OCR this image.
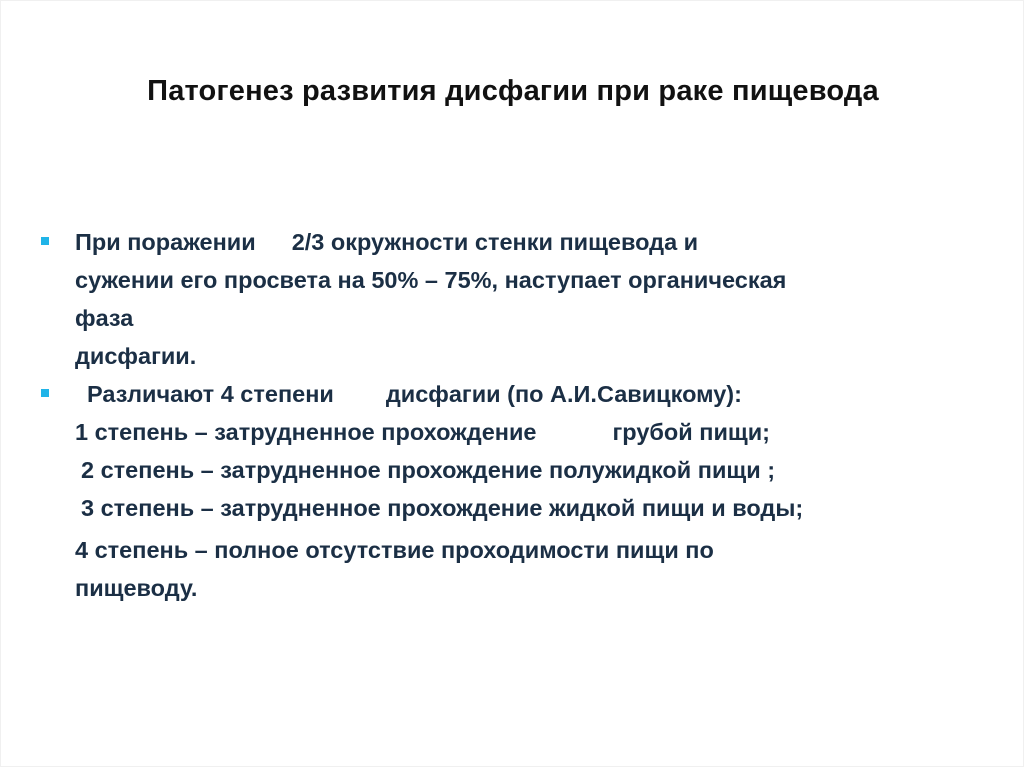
Патогенез развития дисфагии при раке пищевода
При поражении 2/3 окружности стенки пищевода и
сужении его просвета на 50% – 75%, наступает органическая
фаза
дисфагии.
Различают 4 степени дисфагии (по А.И.Савицкому):
1 степень – затрудненное прохождение	грубой пищи;
2 степень – затрудненное прохождение полужидкой пищи ;
3 степень – затрудненное прохождение жидкой пищи и воды;
4 степень – полное отсутствие проходимости пищи по
пищеводу.
